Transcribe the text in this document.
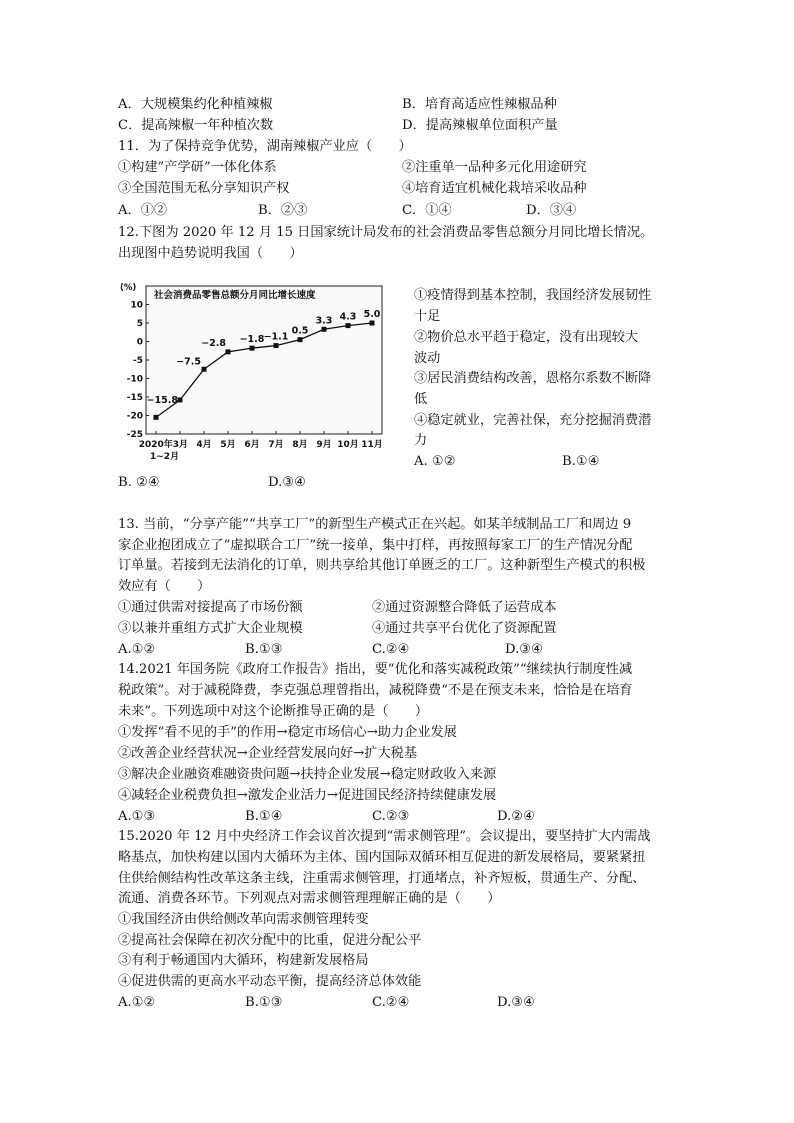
A．大规模集约化种植辣椒	B．培育高适应性辣椒品种
C．提高辣椒一年种植次数	D．提高辣椒单位面积产量
11．为了保持竞争优势，湖南辣椒产业应（　　）
①构建”产学研”一体化体系	②注重单一品种多元化用途研究
③全国范围无私分享知识产权	④培育适宜机械化栽培采收品种
A．①②	B．②③	C．①④	D．③④
12.下图为 2020 年 12 月 15 日国家统计局发布的社会消费品零售总额分月同比增长情况。
出现图中趋势说明我国（　　）
社会消费品零售总额分月同比增长速度
(%)
10
5
0
-5
-10
-15
-20
-25
2020年3月 4月 5月 6月 7月 8月 9月 10月 11月
1~2月
−15.8
−7.5
−2.8 −1.8 −1.1
0.5
3.3 4.3 5.0
①疫情得到基本控制，我国经济发展韧性
十足
②物价总水平趋于稳定，没有出现较大
波动
③居民消费结构改善，恩格尔系数不断降
低
④稳定就业，完善社保，充分挖掘消费潜
力
A. ①②	B.①④
B. ②④	D.③④
13. 当前，“分享产能”“共享工厂”的新型生产模式正在兴起。如某羊绒制品工厂和周边 9
家企业抱团成立了“虚拟联合工厂”统一接单，集中打样，再按照每家工厂的生产情况分配
订单量。若接到无法消化的订单，则共享给其他订单匮乏的工厂。这种新型生产模式的积极
效应有（　　）
①通过供需对接提高了市场份额	②通过资源整合降低了运营成本
③以兼并重组方式扩大企业规模	④通过共享平台优化了资源配置
A.①②	B.①③	C.②④	D.③④
14.2021 年国务院《政府工作报告》指出，要“优化和落实减税政策”“继续执行制度性减
税政策”。对于减税降费，李克强总理曾指出，减税降费“不是在预支未来，恰恰是在培育
未来”。下列选项中对这个论断推导正确的是（　　）
①发挥“看不见的手”的作用→稳定市场信心→助力企业发展
②改善企业经营状况→企业经营发展向好→扩大税基
③解决企业融资难融资贵问题→扶持企业发展→稳定财政收入来源
④减轻企业税费负担→激发企业活力→促进国民经济持续健康发展
A.①③	B.①④	C.②③	D.②④
15.2020 年 12 月中央经济工作会议首次提到“需求侧管理”。会议提出，要坚持扩大内需战
略基点，加快构建以国内大循环为主体、国内国际双循环相互促进的新发展格局，要紧紧扭
住供给侧结构性改革这条主线，注重需求侧管理，打通堵点，补齐短板，贯通生产、分配、
流通、消费各环节。下列观点对需求侧管理理解正确的是（　　）
①我国经济由供给侧改革向需求侧管理转变
②提高社会保障在初次分配中的比重，促进分配公平
③有利于畅通国内大循环，构建新发展格局
④促进供需的更高水平动态平衡，提高经济总体效能
A.①②	B.①③	C.②④	D.③④
